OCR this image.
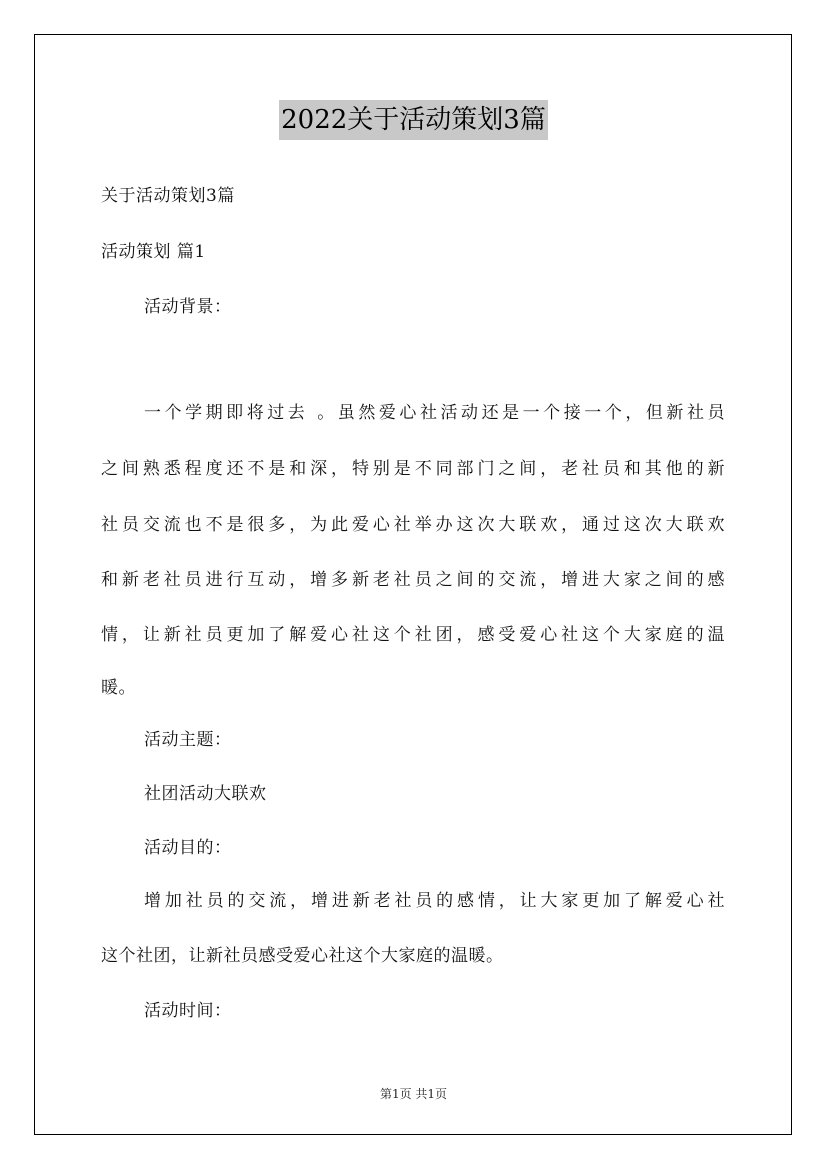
2022关于活动策划3篇
关于活动策划3篇
活动策划 篇1
活动背景：
一个学期即将过去 。虽然爱心社活动还是一个接一个，但新社员
之间熟悉程度还不是和深，特别是不同部门之间，老社员和其他的新
社员交流也不是很多，为此爱心社举办这次大联欢，通过这次大联欢
和新老社员进行互动，增多新老社员之间的交流，增进大家之间的感
情，让新社员更加了解爱心社这个社团，感受爱心社这个大家庭的温
暖。
活动主题：
社团活动大联欢
活动目的：
增加社员的交流，增进新老社员的感情，让大家更加了解爱心社
这个社团，让新社员感受爱心社这个大家庭的温暖。
活动时间：
第1页 共1页
